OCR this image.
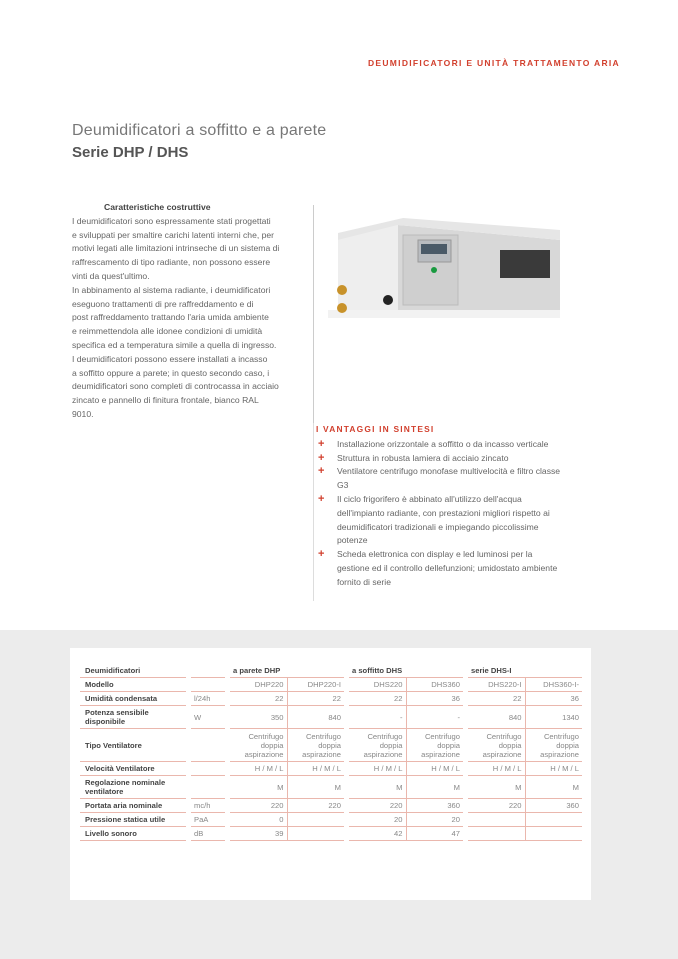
DEUMIDIFICATORI E UNITÀ TRATTAMENTO ARIA
Deumidificatori a soffitto e a parete
Serie DHP / DHS
Caratteristiche costruttive
I deumidificatori sono espressamente stati progettati
e sviluppati per smaltire carichi latenti interni che, per
motivi legati alle limitazioni intrinseche di un sistema di
raffrescamento di tipo radiante, non possono essere
vinti da quest'ultimo.
In abbinamento al sistema radiante, i deumidificatori
eseguono trattamenti di pre raffreddamento e di
post raffreddamento trattando l'aria umida ambiente
e reimmettendola alle idonee condizioni di umidità
specifica ed a temperatura simile a quella di ingresso.
I deumidificatori possono essere installati a incasso
a soffitto oppure a parete; in questo secondo caso, i
deumidificatori sono completi di controcassa in acciaio
zincato e pannello di finitura frontale, bianco RAL
9010.
I VANTAGGI IN SINTESI
+ Installazione orizzontale a soffitto o da incasso verticale
+ Struttura in robusta lamiera di acciaio zincato
+ Ventilatore centrifugo monofase multivelocità e filtro classe G3
+ Il ciclo frigorifero è abbinato all'utilizzo dell'acqua dell'impianto radiante, con prestazioni migliori rispetto ai deumidificatori tradizionali e impiegando piccolissime potenze
+ Scheda elettronica con display e led luminosi per la gestione ed il controllo dellefunzioni; umidostato ambiente fornito di serie
Deumidificatori				a parete DHP			a soffitto DHS			serie DHS-I	
Modello				DHP220	DHP220-I		DHS220	DHS360		DHS220-I	DHS360-I-
Umidità condensata		l/24h		22	22		22	36		22	36
Potenza sensibile disponibile		W		350	840		-	-		840	1340
Tipo Ventilatore				Centrifugo doppia aspirazione	Centrifugo doppia aspirazione		Centrifugo doppia aspirazione	Centrifugo doppia aspirazione		Centrifugo doppia aspirazione	Centrifugo doppia aspirazione
Velocità Ventilatore				H / M / L	H / M / L		H / M / L	H / M / L		H / M / L	H / M / L
Regolazione nominale ventilatore				M	M		M	M		M	M
Portata aria nominale		mc/h		220	220		220	360		220	360
Pressione statica utile		PaA		0			20	20			
Livello sonoro		dB		39			42	47			
